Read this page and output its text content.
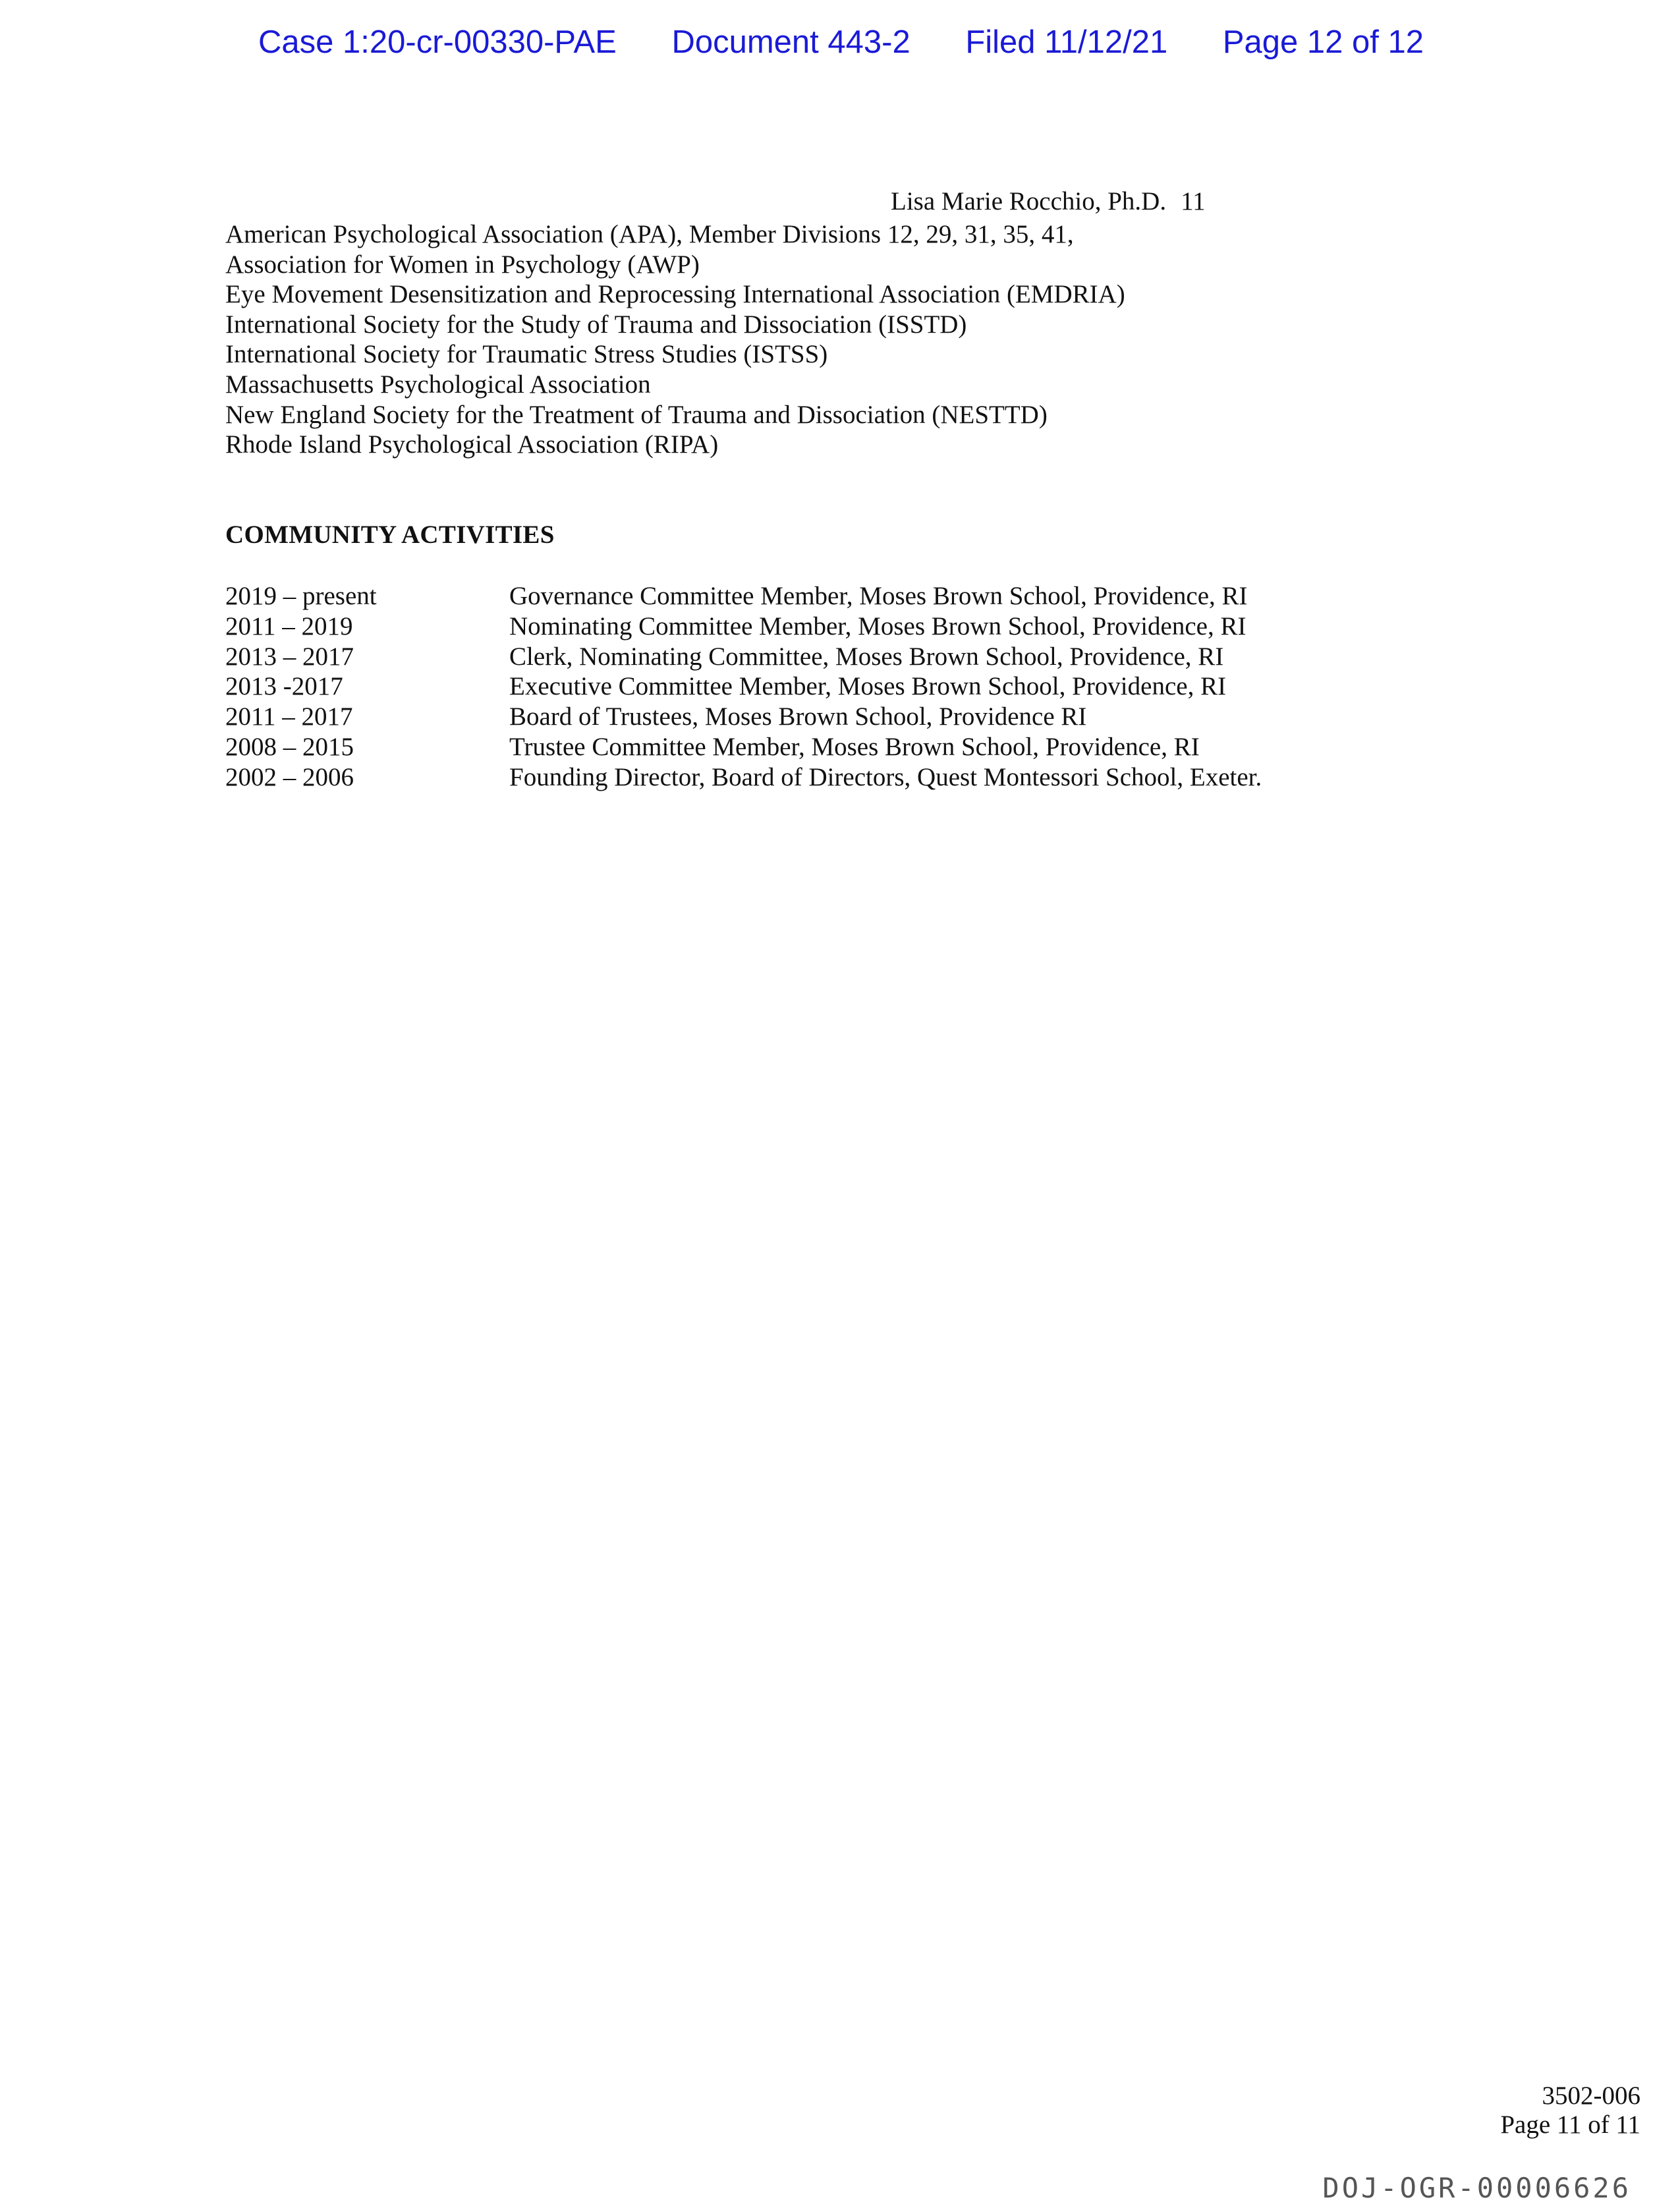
Case 1:20-cr-00330-PAE Document 443-2 Filed 11/12/21 Page 12 of 12
Lisa Marie Rocchio, Ph.D. 11
American Psychological Association (APA), Member Divisions 12, 29, 31, 35, 41,
Association for Women in Psychology (AWP)
Eye Movement Desensitization and Reprocessing International Association (EMDRIA)
International Society for the Study of Trauma and Dissociation (ISSTD)
International Society for Traumatic Stress Studies (ISTSS)
Massachusetts Psychological Association
New England Society for the Treatment of Trauma and Dissociation (NESTTD)
Rhode Island Psychological Association (RIPA)
COMMUNITY ACTIVITIES
2019 – present	Governance Committee Member, Moses Brown School, Providence, RI
2011 – 2019	Nominating Committee Member, Moses Brown School, Providence, RI
2013 – 2017	Clerk, Nominating Committee, Moses Brown School, Providence, RI
2013 -2017	Executive Committee Member, Moses Brown School, Providence, RI
2011 – 2017	Board of Trustees, Moses Brown School, Providence RI
2008 – 2015	Trustee Committee Member, Moses Brown School, Providence, RI
2002 – 2006	Founding Director, Board of Directors, Quest Montessori School, Exeter.
3502-006
Page 11 of 11
DOJ-OGR-00006626
